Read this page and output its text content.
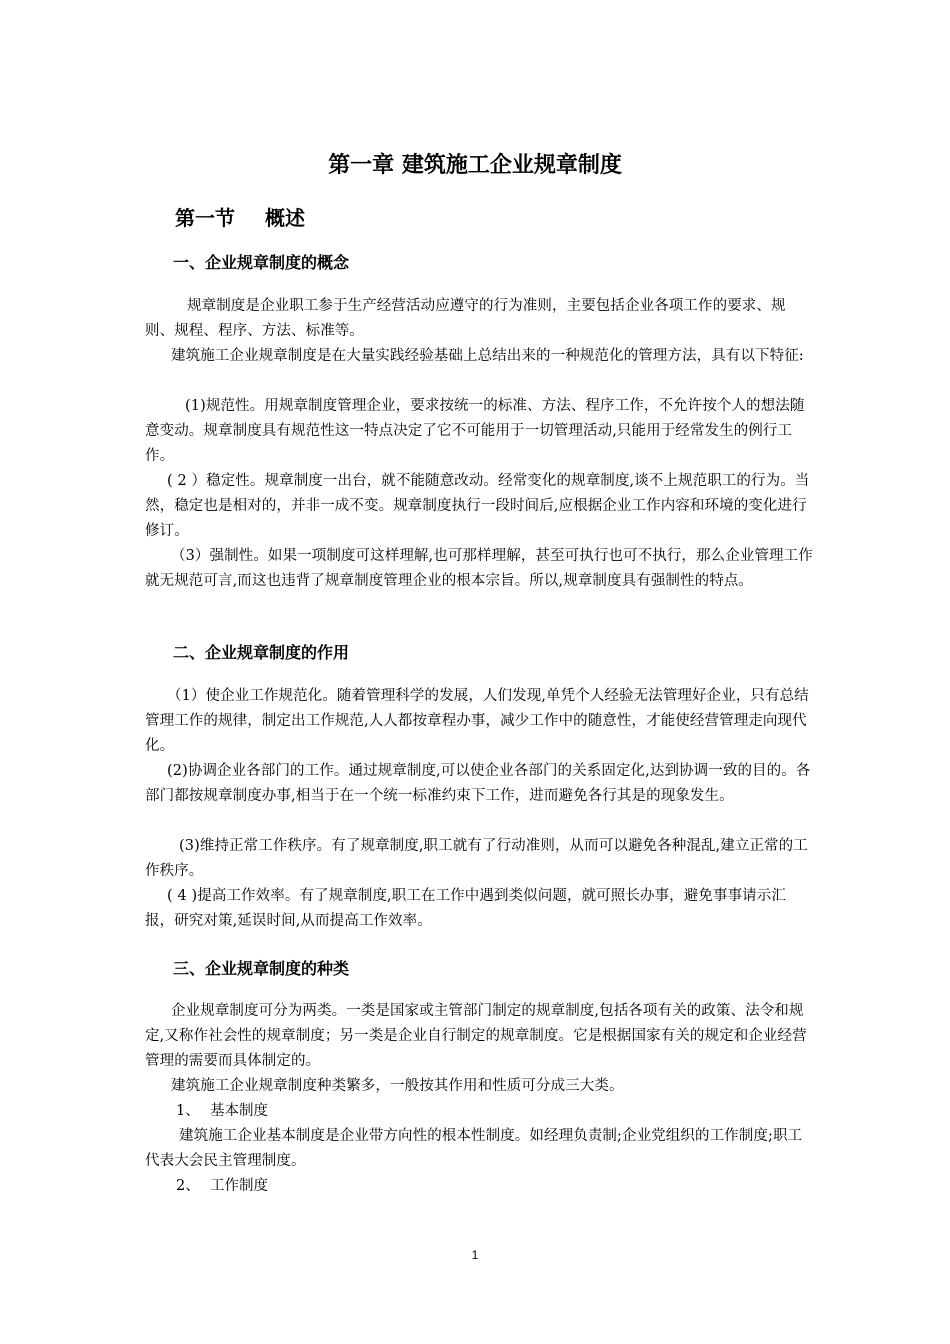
第一章 建筑施工企业规章制度
第一节 概述
一、企业规章制度的概念

规章制度是企业职工参于生产经营活动应遵守的行为准则，主要包括企业各项工作的要求、规则、规程、程序、方法、标准等。

建筑施工企业规章制度是在大量实践经验基础上总结出来的一种规范化的管理方法，具有以下特征:

(1)规范性。用规章制度管理企业，要求按统一的标准、方法、程序工作，不允许按个人的想法随意变动。规章制度具有规范性这一特点决定了它不可能用于一切管理活动,只能用于经常发生的例行工作。

( 2 ）稳定性。规章制度一出台，就不能随意改动。经常变化的规章制度,谈不上规范职工的行为。当然，稳定也是相对的，并非一成不变。规章制度执行一段时间后,应根据企业工作内容和环境的变化进行修订。

（3）强制性。如果一项制度可这样理解,也可那样理解，甚至可执行也可不执行，那么企业管理工作就无规范可言,而这也违背了规章制度管理企业的根本宗旨。所以,规章制度具有强制性的特点。

二、企业规章制度的作用

（1）使企业工作规范化。随着管理科学的发展，人们发现,单凭个人经验无法管理好企业，只有总结管理工作的规律，制定出工作规范,人人都按章程办事，减少工作中的随意性，才能使经营管理走向现代化。

(2)协调企业各部门的工作。通过规章制度,可以使企业各部门的关系固定化,达到协调一致的目的。各部门都按规章制度办事,相当于在一个统一标准约束下工作，进而避免各行其是的现象发生。

(3)维持正常工作秩序。有了规章制度,职工就有了行动准则，从而可以避免各种混乱,建立正常的工作秩序。

( 4 )提高工作效率。有了规章制度,职工在工作中遇到类似问题，就可照长办事，避免事事请示汇报，研究对策,延误时间,从而提高工作效率。

三、企业规章制度的种类

企业规章制度可分为两类。一类是国家或主管部门制定的规章制度,包括各项有关的政策、法令和规定,又称作社会性的规章制度；另一类是企业自行制定的规章制度。它是根据国家有关的规定和企业经营管理的需要而具体制定的。

建筑施工企业规章制度种类繁多，一般按其作用和性质可分成三大类。

1、 基本制度

建筑施工企业基本制度是企业带方向性的根本性制度。如经理负责制;企业党组织的工作制度;职工代表大会民主管理制度。

2、 工作制度

1
